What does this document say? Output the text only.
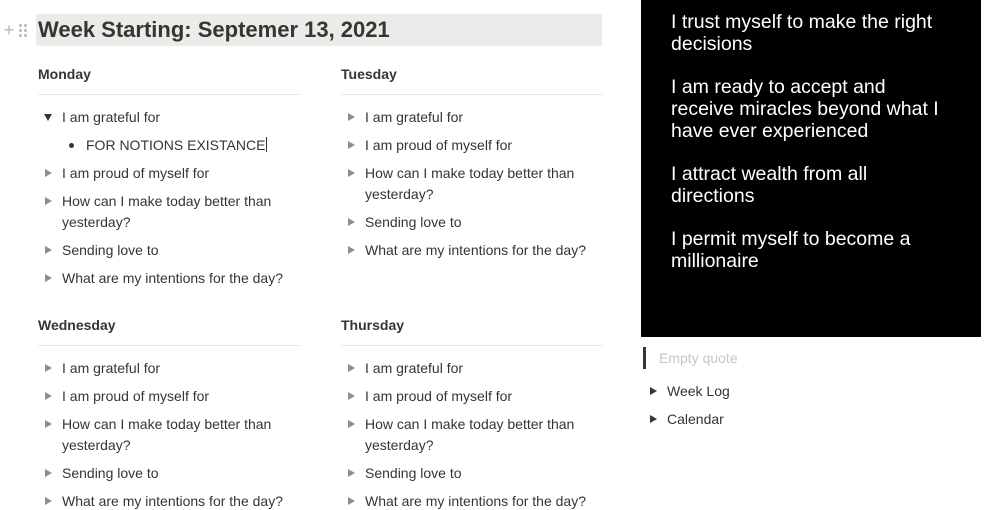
+ Week Starting: Septemer 13, 2021
Monday
I am grateful for
FOR NOTIONS EXISTANCE
I am proud of myself for
How can I make today better than yesterday?
Sending love to
What are my intentions for the day?
Tuesday
I am grateful for
I am proud of myself for
How can I make today better than yesterday?
Sending love to
What are my intentions for the day?
Wednesday
I am grateful for
I am proud of myself for
How can I make today better than yesterday?
Sending love to
What are my intentions for the day?
Thursday
I am grateful for
I am proud of myself for
How can I make today better than yesterday?
Sending love to
What are my intentions for the day?

I trust myself to make the right decisions

I am ready to accept and receive miracles beyond what I have ever experienced

I attract wealth from all directions

I permit myself to become a millionaire

Empty quote
Week Log
Calendar
